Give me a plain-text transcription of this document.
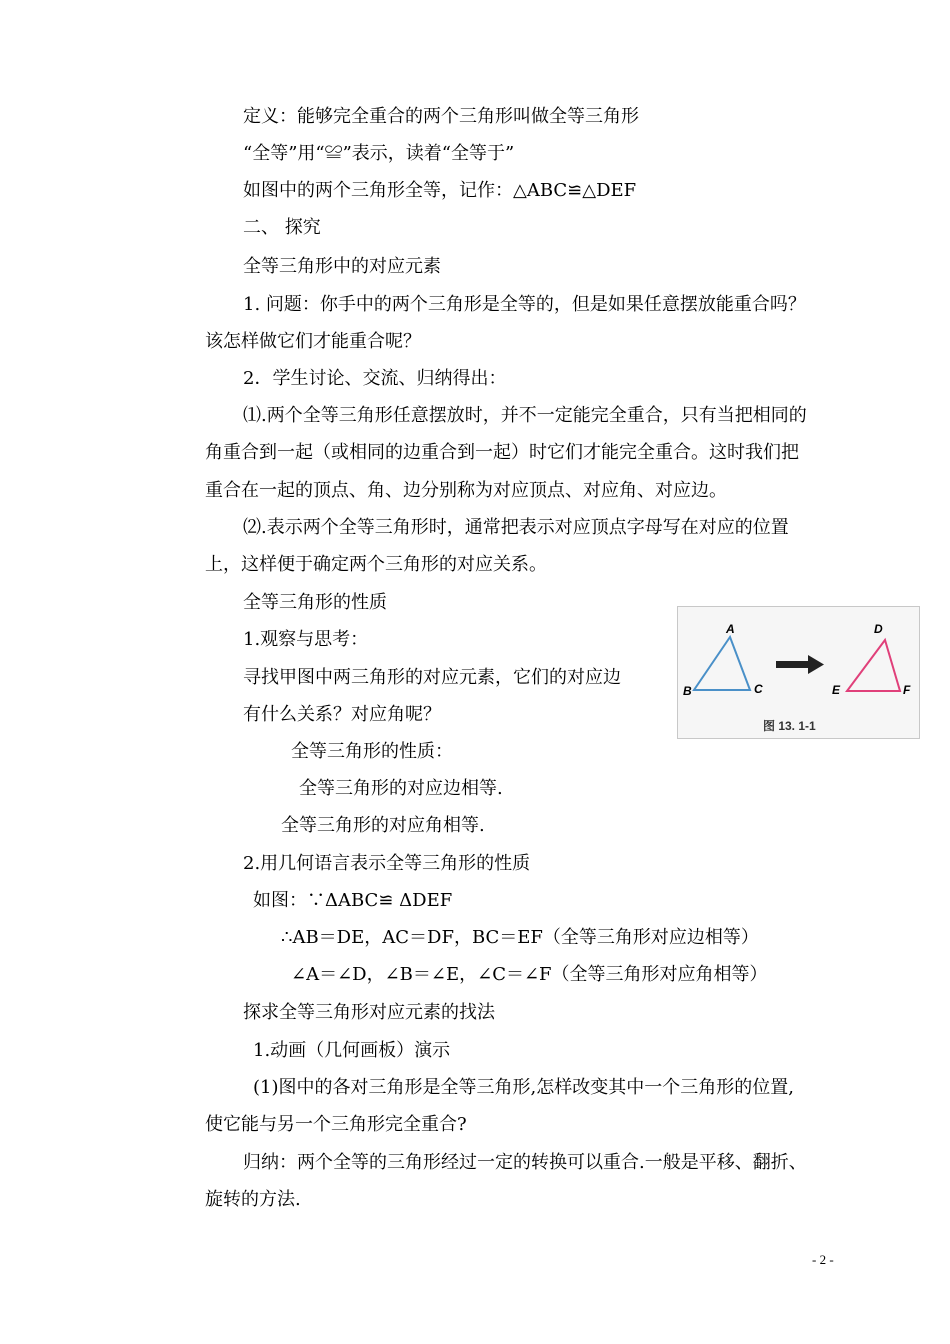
定义：能够完全重合的两个三角形叫做全等三角形
“全等”用“≌”表示，读着“全等于”
如图中的两个三角形全等，记作：△ABC≌△DEF
二、 探究
全等三角形中的对应元素
1. 问题：你手中的两个三角形是全等的，但是如果任意摆放能重合吗？
该怎样做它们才能重合呢？
2．学生讨论、交流、归纳得出：
⑴.两个全等三角形任意摆放时，并不一定能完全重合，只有当把相同的
角重合到一起（或相同的边重合到一起）时它们才能完全重合。这时我们把
重合在一起的顶点、角、边分别称为对应顶点、对应角、对应边。
⑵.表示两个全等三角形时，通常把表示对应顶点字母写在对应的位置
上，这样便于确定两个三角形的对应关系。
全等三角形的性质
1.观察与思考：
寻找甲图中两三角形的对应元素，它们的对应边
有什么关系？对应角呢？
全等三角形的性质：
全等三角形的对应边相等.
全等三角形的对应角相等.
2.用几何语言表示全等三角形的性质
如图：∵ΔABC≌ ΔDEF
∴AB＝DE，AC＝DF，BC＝EF（全等三角形对应边相等）
∠A＝∠D，∠B＝∠E，∠C＝∠F（全等三角形对应角相等）
探求全等三角形对应元素的找法
1.动画（几何画板）演示
(1)图中的各对三角形是全等三角形,怎样改变其中一个三角形的位置,
使它能与另一个三角形完全重合?
归纳：两个全等的三角形经过一定的转换可以重合.一般是平移、翻折、
旋转的方法.
A
B	C
D
E	F
图 13. 1-1
- 2 -
